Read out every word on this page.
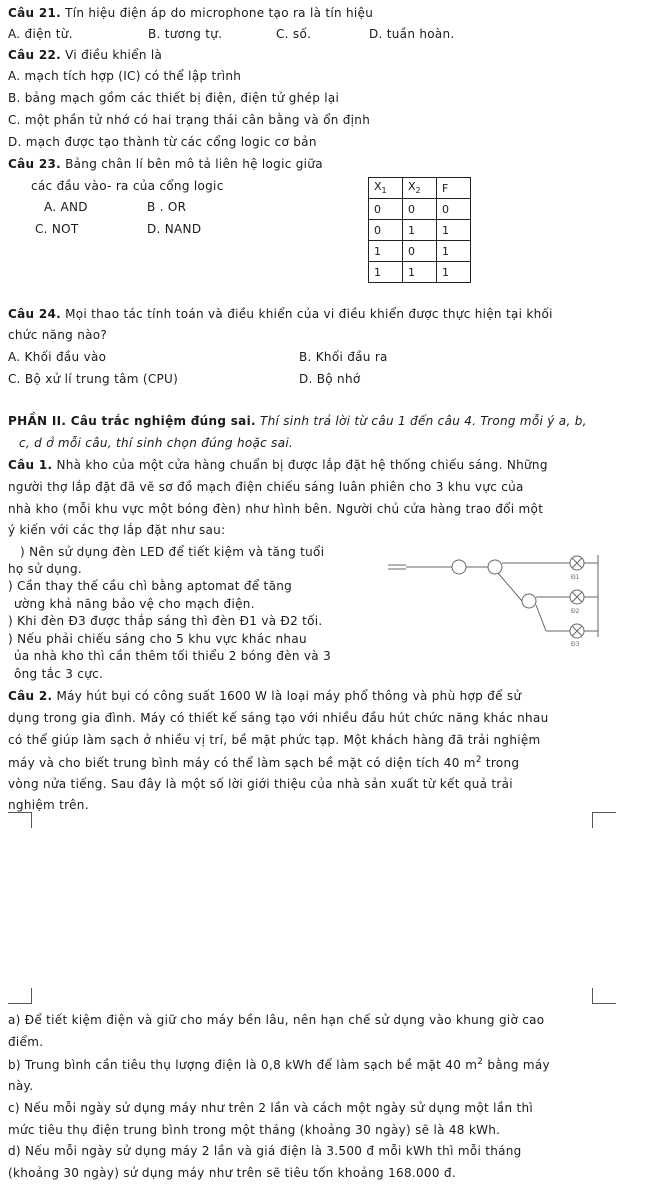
Câu 21. Tín hiệu điện áp do microphone tạo ra là tín hiệu
A. điện từ.	B. tương tự.	C. số.	D. tuần hoàn.
Câu 22. Vi điều khiển là
A. mạch tích hợp (IC) có thể lập trình
B. bảng mạch gồm các thiết bị điện, điện tử ghép lại
C. một phần tử nhớ có hai trạng thái cân bằng và ổn định
D. mạch được tạo thành từ các cổng logic cơ bản
Câu 23. Bảng chân lí bên mô tả liên hệ logic giữa
các đầu vào- ra của cổng logic
A. AND	B . OR
C. NOT	D. NAND
$X_1$	$X_2$	F
0	0	0
0	1	1
1	0	1
1	1	1
Câu 24. Mọi thao tác tính toán và điều khiển của vi điều khiển được thực hiện tại khối
chức năng nào?
A. Khối đầu vào	B. Khối đầu ra
C. Bộ xử lí trung tâm (CPU)	D. Bộ nhớ
PHẦN II. Câu trắc nghiệm đúng sai. Thí sinh trả lời từ câu 1 đến câu 4. Trong mỗi ý a, b,
c, d ở mỗi câu, thí sinh chọn đúng hoặc sai.
Câu 1. Nhà kho của một cửa hàng chuẩn bị được lắp đặt hệ thống chiếu sáng. Những
người thợ lắp đặt đã vẽ sơ đồ mạch điện chiếu sáng luân phiên cho 3 khu vực của
nhà kho (mỗi khu vực một bóng đèn) như hình bên. Người chủ cửa hàng trao đổi một
ý kiến với các thợ lắp đặt như sau:
) Nên sử dụng đèn LED để tiết kiệm và tăng tuổi
họ sử dụng.
) Cần thay thế cầu chì bằng aptomat để tăng
ường khả năng bảo vệ cho mạch điện.
) Khi đèn Đ3 được thắp sáng thì đèn Đ1 và Đ2 tối.
) Nếu phải chiếu sáng cho 5 khu vực khác nhau
ủa nhà kho thì cần thêm tối thiểu 2 bóng đèn và 3
ông tắc 3 cực.
Đ1
Đ2
Đ3
Câu 2. Máy hút bụi có công suất 1600 W là loại máy phổ thông và phù hợp để sử
dụng trong gia đình. Máy có thiết kế sáng tạo với nhiều đầu hút chức năng khác nhau
có thể giúp làm sạch ở nhiều vị trí, bề mặt phức tạp. Một khách hàng đã trải nghiệm
máy và cho biết trung bình máy có thể làm sạch bề mặt có diện tích 40 $m^2$ trong
vòng nửa tiếng. Sau đây là một số lời giới thiệu của nhà sản xuất từ kết quả trải
nghiệm trên.
a) Để tiết kiệm điện và giữ cho máy bền lâu, nên hạn chế sử dụng vào khung giờ cao
điểm.
b) Trung bình cần tiêu thụ lượng điện là 0,8 kWh để làm sạch bề mặt 40 $m^2$ bằng máy
này.
c) Nếu mỗi ngày sử dụng máy như trên 2 lần và cách một ngày sử dụng một lần thì
mức tiêu thụ điện trung bình trong một tháng (khoảng 30 ngày) sẽ là 48 kWh.
d) Nếu mỗi ngày sử dụng máy 2 lần và giá điện là 3.500 đ mỗi kWh thì mỗi tháng
(khoảng 30 ngày) sử dụng máy như trên sẽ tiêu tốn khoảng 168.000 đ.
